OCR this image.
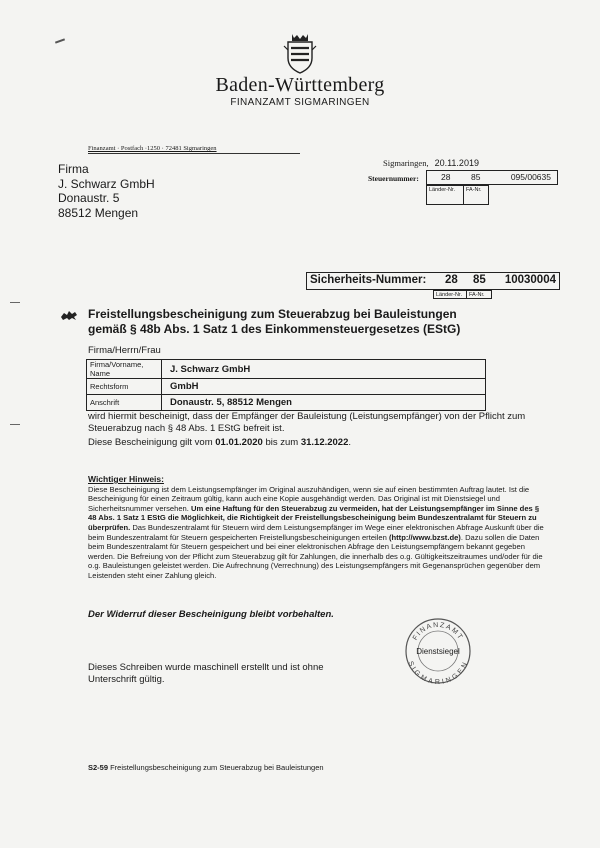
Baden-Württemberg
FINANZAMT SIGMARINGEN
Finanzamt · Postfach ·1250 · 72481 Sigmaringen
Firma
J. Schwarz GmbH
Donaustr. 5
88512 Mengen
Sigmaringen, 20.11.2019
Steuernummer:	28 85	095/00635
Länder-Nr.	FA-Nr.
Sicherheits-Nummer: 28 85 10030004
Länder-Nr.	FA-Nr.
Freistellungsbescheinigung zum Steuerabzug bei Bauleistungen
gemäß § 48b Abs. 1 Satz 1 des Einkommensteuergesetzes (EStG)
Firma/Herrn/Frau
Firma/Vorname, Name	J. Schwarz GmbH
Rechtsform	GmbH
Anschrift	Donaustr. 5, 88512 Mengen
wird hiermit bescheinigt, dass der Empfänger der Bauleistung (Leistungsempfänger) von der Pflicht zum Steuerabzug nach § 48 Abs. 1 EStG befreit ist.
Diese Bescheinigung gilt vom 01.01.2020 bis zum 31.12.2022.
Wichtiger Hinweis:
Diese Bescheinigung ist dem Leistungsempfänger im Original auszuhändigen, wenn sie auf einen bestimmten Auftrag lautet. Ist die Bescheinigung für einen Zeitraum gültig, kann auch eine Kopie ausgehändigt werden. Das Original ist mit Dienstsiegel und Sicherheitsnummer versehen. Um eine Haftung für den Steuerabzug zu vermeiden, hat der Leistungsempfänger im Sinne des § 48 Abs. 1 Satz 1 EStG die Möglichkeit, die Richtigkeit der Freistellungsbescheinigung beim Bundeszentralamt für Steuern zu überprüfen. Das Bundeszentralamt für Steuern wird dem Leistungsempfänger im Wege einer elektronischen Abfrage Auskunft über die beim Bundeszentralamt für Steuern gespeicherten Freistellungsbescheinigungen erteilen (http://www.bzst.de). Dazu sollen die Daten beim Bundeszentralamt für Steuern gespeichert und bei einer elektronischen Abfrage den Leistungsempfängern bekannt gegeben werden. Die Befreiung von der Pflicht zum Steuerabzug gilt für Zahlungen, die innerhalb des o.g. Gültigkeitszeitraumes und/oder für die o.g. Bauleistungen geleistet werden. Die Aufrechnung (Verrechnung) des Leistungsempfängers mit Gegenansprüchen gegenüber dem Leistenden steht einer Zahlung gleich.
Der Widerruf dieser Bescheinigung bleibt vorbehalten.
FINANZAMT
SIGMARINGEN
Dienstsiegel
Dieses Schreiben wurde maschinell erstellt und ist ohne Unterschrift gültig.
S2-59 Freistellungsbescheinigung zum Steuerabzug bei Bauleistungen
